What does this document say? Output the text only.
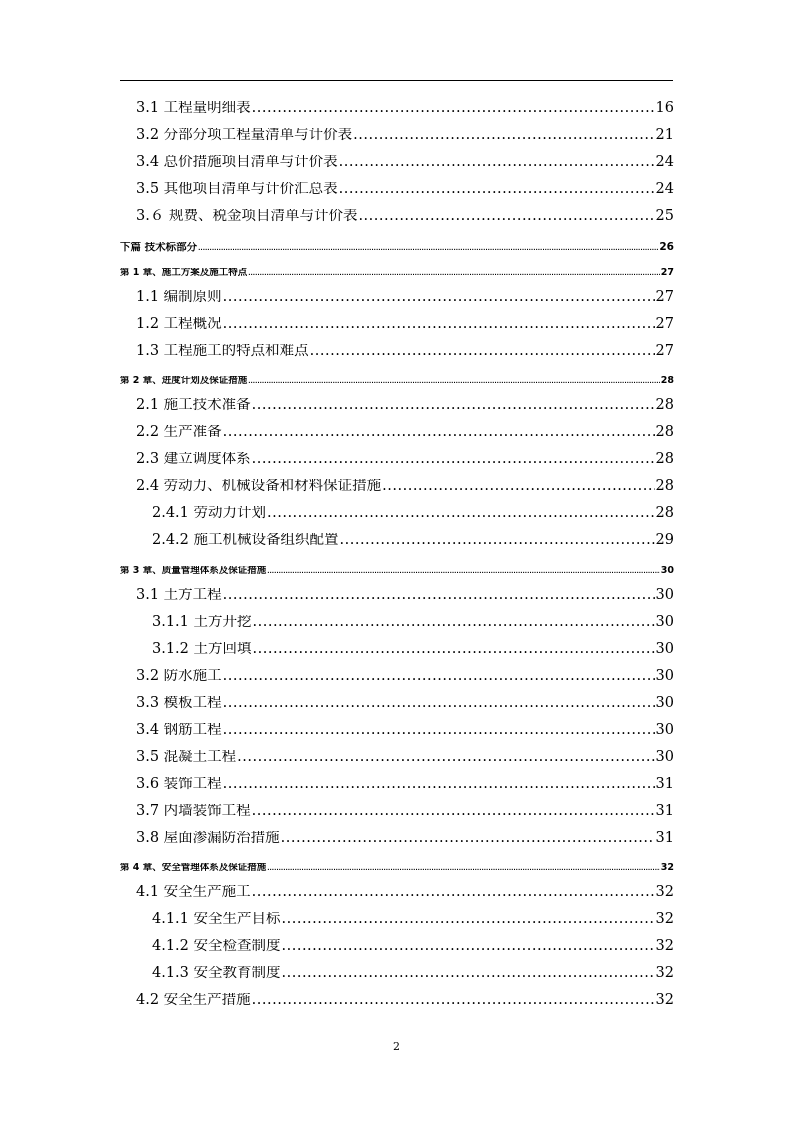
3.1 工程量明细表 .....	16
3.2 分部分项工程量清单与计价表 .....	21
3.4 总价措施项目清单与计价表 .....	24
3.5 其他项目清单与计价汇总表 .....	24
3.６ 规费、税金项目清单与计价表 .....	25
下篇 技术标部分 .....	26
第 1 章、施工方案及施工特点 .....	27
1.1 编制原则 .....	27
1.2 工程概况 .....	27
1.3 工程施工的特点和难点 .....	27
第 2 章、进度计划及保证措施 .....	28
2.1 施工技术准备 .....	28
2.2 生产准备 .....	28
2.3 建立调度体系 .....	28
2.4 劳动力、机械设备和材料保证措施 .....	28
2.4.1 劳动力计划 .....	28
2.4.2 施工机械设备组织配置 .....	29
第 3 章、质量管理体系及保证措施 .....	30
3.1 土方工程 .....	30
3.1.1 土方开挖 .....	30
3.1.2 土方回填 .....	30
3.2 防水施工 .....	30
3.3 模板工程 .....	30
3.4 钢筋工程 .....	30
3.5 混凝土工程 .....	30
3.6 装饰工程 .....	31
3.7 内墙装饰工程 .....	31
3.8 屋面渗漏防治措施 .....	31
第 4 章、安全管理体系及保证措施 .....	32
4.1 安全生产施工 .....	32
4.1.1 安全生产目标 .....	32
4.1.2 安全检查制度 .....	32
4.1.3 安全教育制度 .....	32
4.2 安全生产措施 .....	32
2
